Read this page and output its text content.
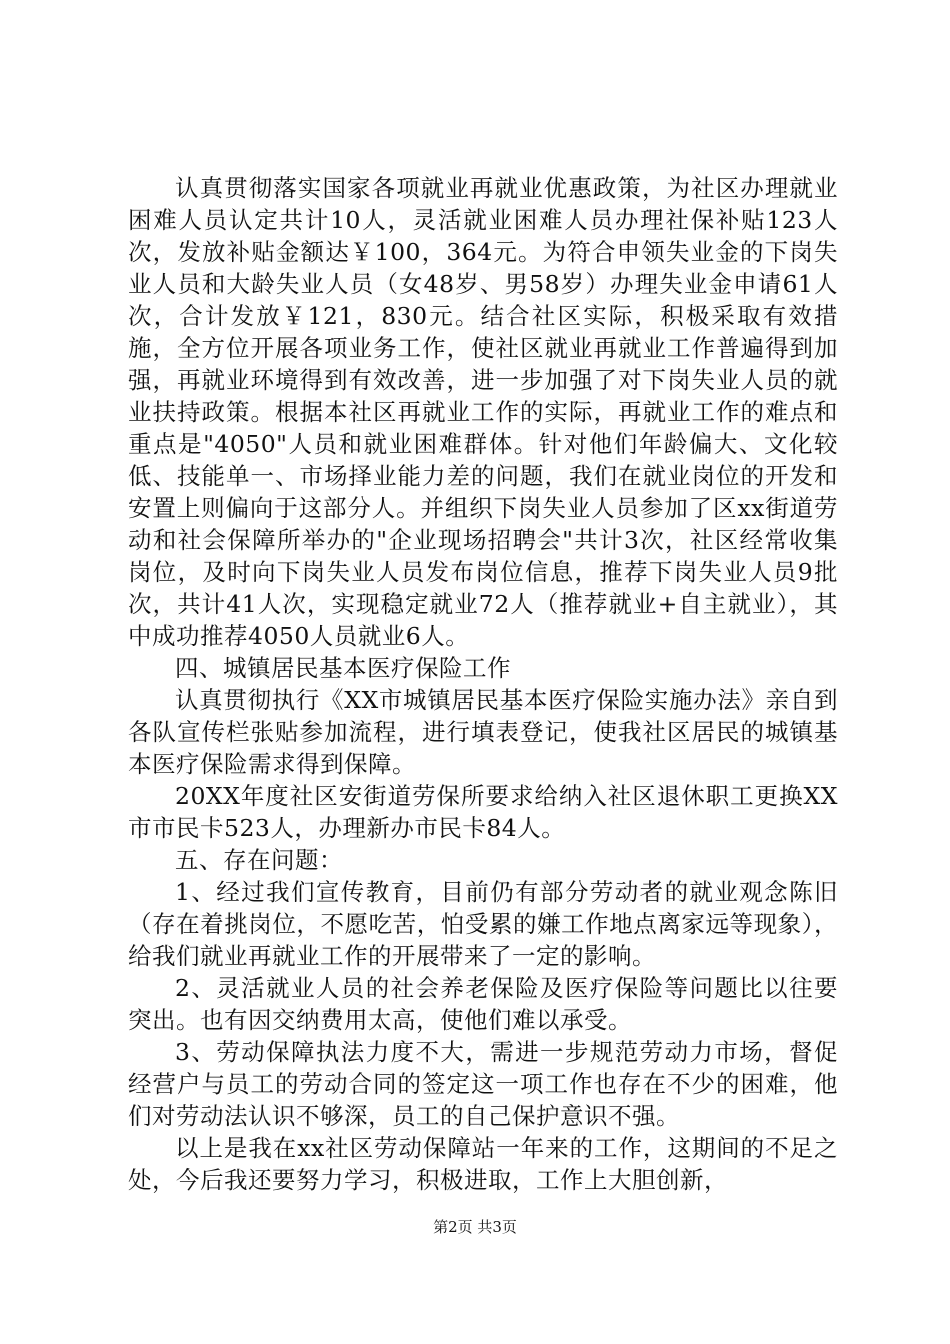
认真贯彻落实国家各项就业再就业优惠政策，为社区办理就业困难人员认定共计10人，灵活就业困难人员办理社保补贴123人次，发放补贴金额达￥100，364元。为符合申领失业金的下岗失业人员和大龄失业人员（女48岁、男58岁）办理失业金申请61人次，合计发放￥121，830元。结合社区实际，积极采取有效措施，全方位开展各项业务工作，使社区就业再就业工作普遍得到加强，再就业环境得到有效改善，进一步加强了对下岗失业人员的就业扶持政策。根据本社区再就业工作的实际，再就业工作的难点和重点是"4050"人员和就业困难群体。针对他们年龄偏大、文化较低、技能单一、市场择业能力差的问题，我们在就业岗位的开发和安置上则偏向于这部分人。并组织下岗失业人员参加了区xx街道劳动和社会保障所举办的"企业现场招聘会"共计3次，社区经常收集岗位，及时向下岗失业人员发布岗位信息，推荐下岗失业人员9批次，共计41人次，实现稳定就业72人（推荐就业+自主就业），其中成功推荐4050人员就业6人。

四、城镇居民基本医疗保险工作

认真贯彻执行《XX市城镇居民基本医疗保险实施办法》亲自到各队宣传栏张贴参加流程，进行填表登记，使我社区居民的城镇基本医疗保险需求得到保障。

20XX年度社区安街道劳保所要求给纳入社区退休职工更换XX市市民卡523人，办理新办市民卡84人。

五、存在问题：

1、经过我们宣传教育，目前仍有部分劳动者的就业观念陈旧（存在着挑岗位，不愿吃苦，怕受累的嫌工作地点离家远等现象），给我们就业再就业工作的开展带来了一定的影响。

2、灵活就业人员的社会养老保险及医疗保险等问题比以往要突出。也有因交纳费用太高，使他们难以承受。

3、劳动保障执法力度不大，需进一步规范劳动力市场，督促经营户与员工的劳动合同的签定这一项工作也存在不少的困难，他们对劳动法认识不够深，员工的自己保护意识不强。

以上是我在xx社区劳动保障站一年来的工作，这期间的不足之处，今后我还要努力学习，积极进取，工作上大胆创新，

第2页 共3页
